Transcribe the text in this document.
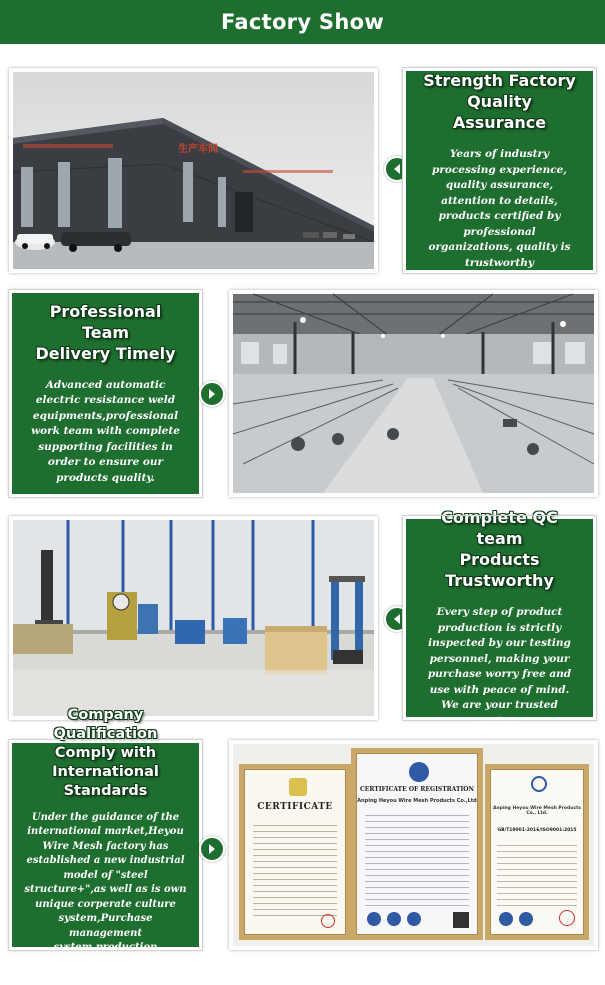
Factory Show
生产车间
Strength Factory
Quality Assurance
Years of industry processing experience, quality assurance, attention to details, products certified by professional organizations, quality is trustworthy
Professional Team
Delivery Timely
Advanced automatic electric resistance weld equipments,professional work team with complete supporting facilities in order to ensure our products quality.
Complete QC team
Products Trustworthy
Every step of product production is strictly inspected by our testing personnel, making your purchase worry free and use with peace of mind. We are your trusted partner
Company Qualification
Comply with
International Standards
Under the guidance of the international market,Heyou Wire Mesh factory has established a new industrial model of "steel structure+",as well as is own unique corperate culture system,Purchase management system,production management system,detection system
CERTIFICATE
CERTIFICATE OF REGISTRATION
Anping Heyou Wire Mesh Products Co.,Ltd
Anping Heyou Wire Mesh Products Co., Ltd.
GB/T19001-2016/ISO9001:2015
